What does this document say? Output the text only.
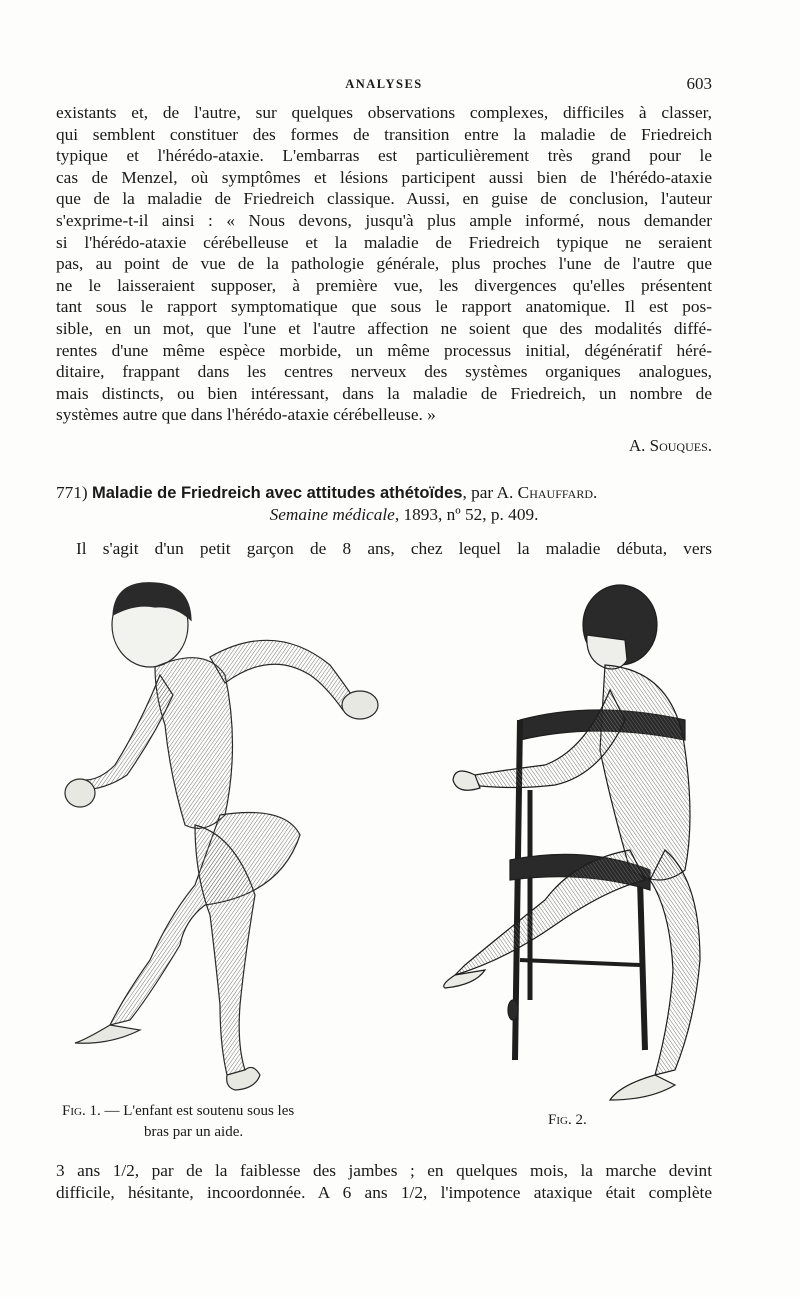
ANALYSES	603
existants et, de l'autre, sur quelques observations complexes, difficiles à classer,
qui semblent constituer des formes de transition entre la maladie de Friedreich
typique et l'hérédo-ataxie. L'embarras est particulièrement très grand pour le
cas de Menzel, où symptômes et lésions participent aussi bien de l'hérédo-ataxie
que de la maladie de Friedreich classique. Aussi, en guise de conclusion, l'auteur
s'exprime-t-il ainsi : « Nous devons, jusqu'à plus ample informé, nous demander
si l'hérédo-ataxie cérébelleuse et la maladie de Friedreich typique ne seraient
pas, au point de vue de la pathologie générale, plus proches l'une de l'autre que
ne le laisseraient supposer, à première vue, les divergences qu'elles présentent
tant sous le rapport symptomatique que sous le rapport anatomique. Il est pos-
sible, en un mot, que l'une et l'autre affection ne soient que des modalités diffé-
rentes d'une même espèce morbide, un même processus initial, dégénératif héré-
ditaire, frappant dans les centres nerveux des systèmes organiques analogues,
mais distincts, ou bien intéressant, dans la maladie de Friedreich, un nombre de
systèmes autre que dans l'hérédo-ataxie cérébelleuse. »
A. Souques.
771) Maladie de Friedreich avec attitudes athétoïdes, par A. Chauffard.
Semaine médicale, 1893, nº 52, p. 409.
Il s'agit d'un petit garçon de 8 ans, chez lequel la maladie débuta, vers
Fig. 1. — L'enfant est soutenu sous les
bras par un aide.
Fig. 2.
3 ans 1/2, par de la faiblesse des jambes ; en quelques mois, la marche devint
difficile, hésitante, incoordonnée. A 6 ans 1/2, l'impotence ataxique était complète
